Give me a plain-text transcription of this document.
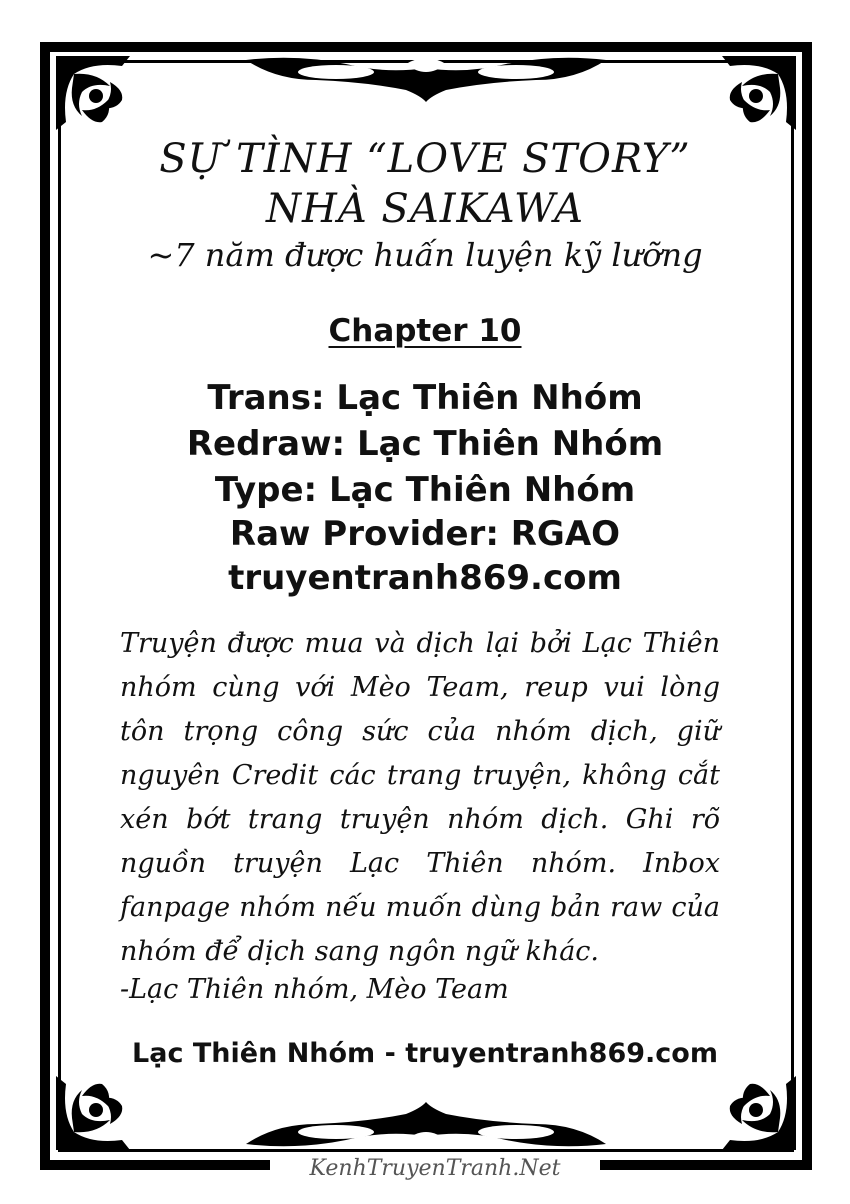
SỰ TÌNH “LOVE STORY”
NHÀ SAIKAWA
~7 năm được huấn luyện kỹ lưỡng
Chapter 10
Trans: Lạc Thiên Nhóm
Redraw: Lạc Thiên Nhóm
Type: Lạc Thiên Nhóm
Raw Provider: RGAO
truyentranh869.com

Truyện được mua và dịch lại bởi Lạc Thiên nhóm cùng với Mèo Team, reup vui lòng tôn trọng công sức của nhóm dịch, giữ nguyên Credit các trang truyện, không cắt xén bớt trang truyện nhóm dịch. Ghi rõ nguồn truyện Lạc Thiên nhóm. Inbox fanpage nhóm nếu muốn dùng bản raw của nhóm để dịch sang ngôn ngữ khác.

-Lạc Thiên nhóm, Mèo Team
Lạc Thiên Nhóm - truyentranh869.com
KenhTruyenTranh.Net
